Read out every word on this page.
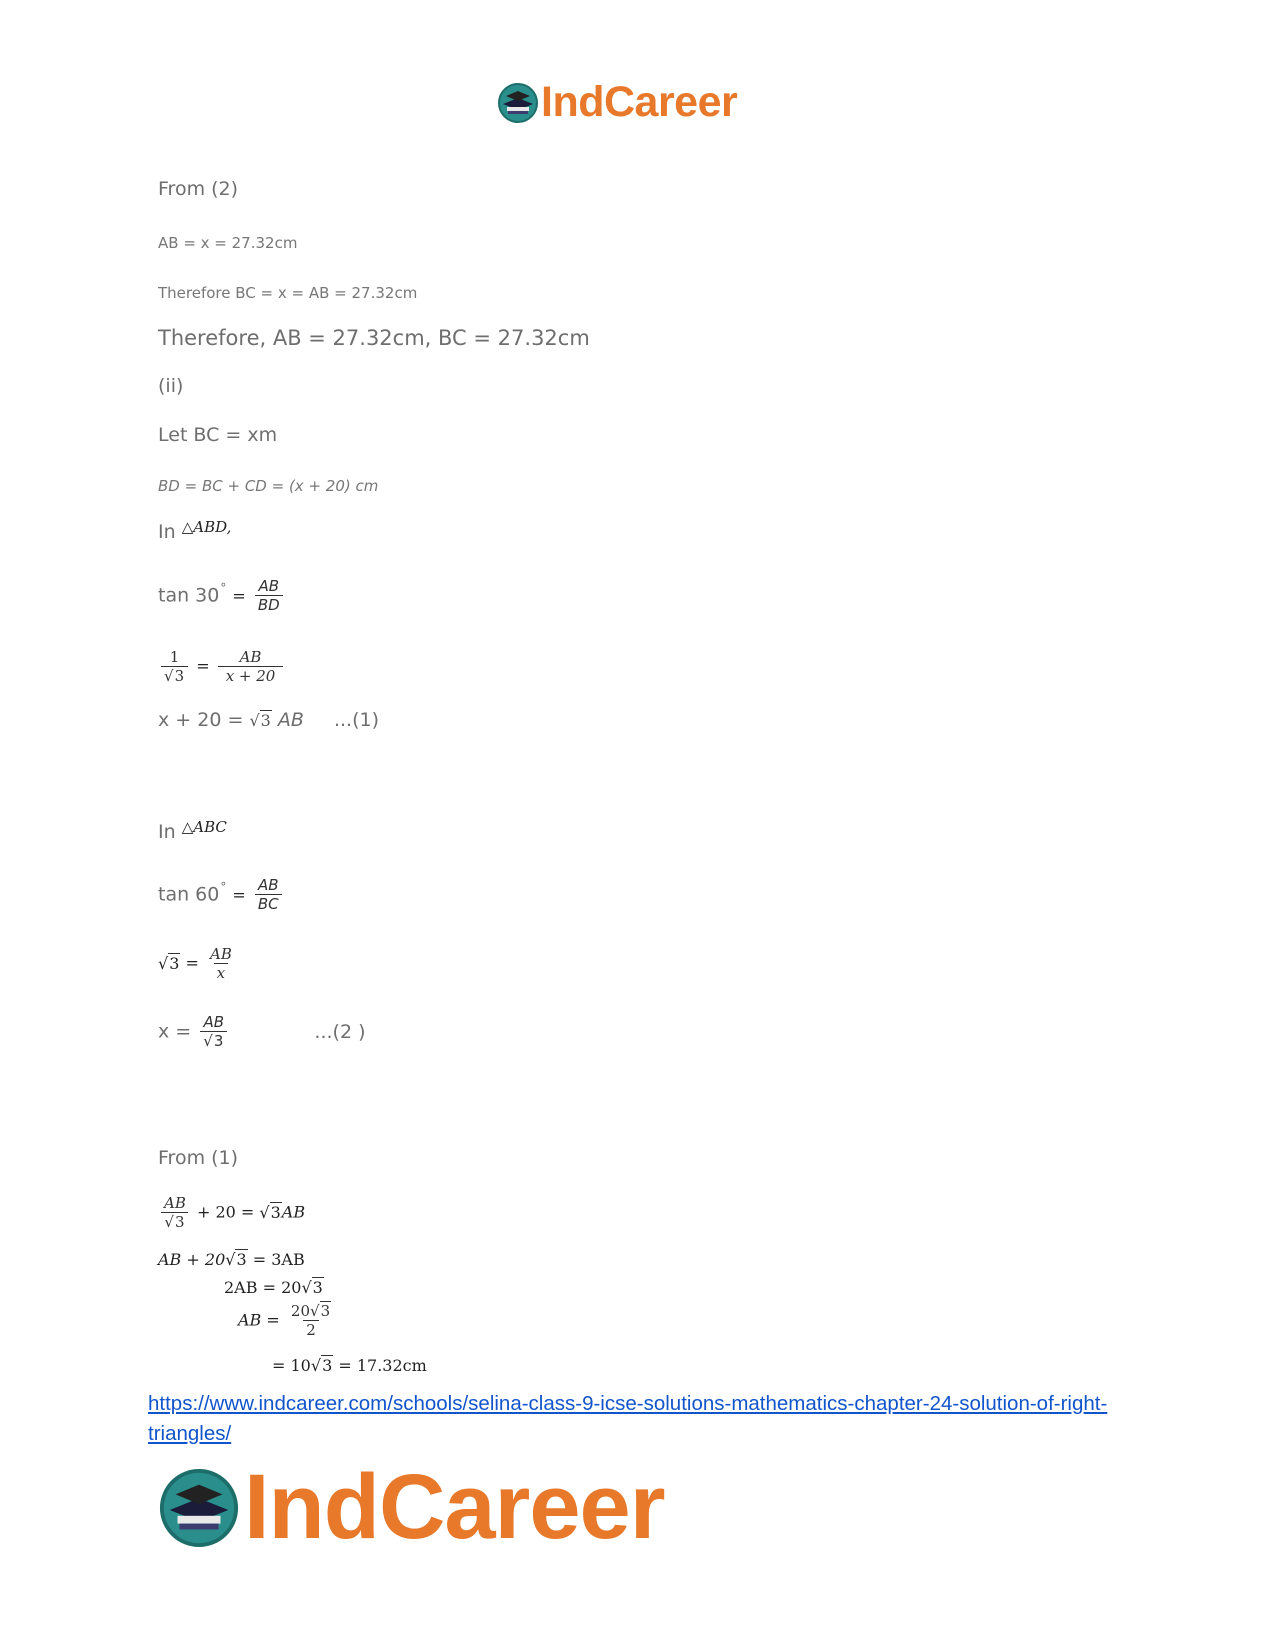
IndCareer
From (2)
AB = x = 27.32cm
Therefore BC = x = AB = 27.32cm
Therefore, AB = 27.32cm, BC = 27.32cm
(ii)
Let BC = xm
BD = BC + CD = (x + 20) cm
In $^{\triangle ABD,}$
$\tan 30^\circ = \frac{AB}{BD}$
$\frac{1}{√3} = \frac{AB}{x + 20}$
x + 20 = √3 AB ...(1)
In $^{\triangle ABC}$
$\tan 60^\circ = \frac{AB}{BC}$
$√3 = \frac{AB}{x}$
$x = \frac{AB}{√3}$	...(2 )
From (1)
$\frac{AB}{√3} + 20 = √3AB$
AB + 20√3 = 3AB
2AB = 20√3
AB = $\frac{20√3}{2}$
= 10√3 = 17.32cm
https://www.indcareer.com/schools/selina-class-9-icse-solutions-mathematics-chapter-24-solution-of-right-triangles/
IndCareer
